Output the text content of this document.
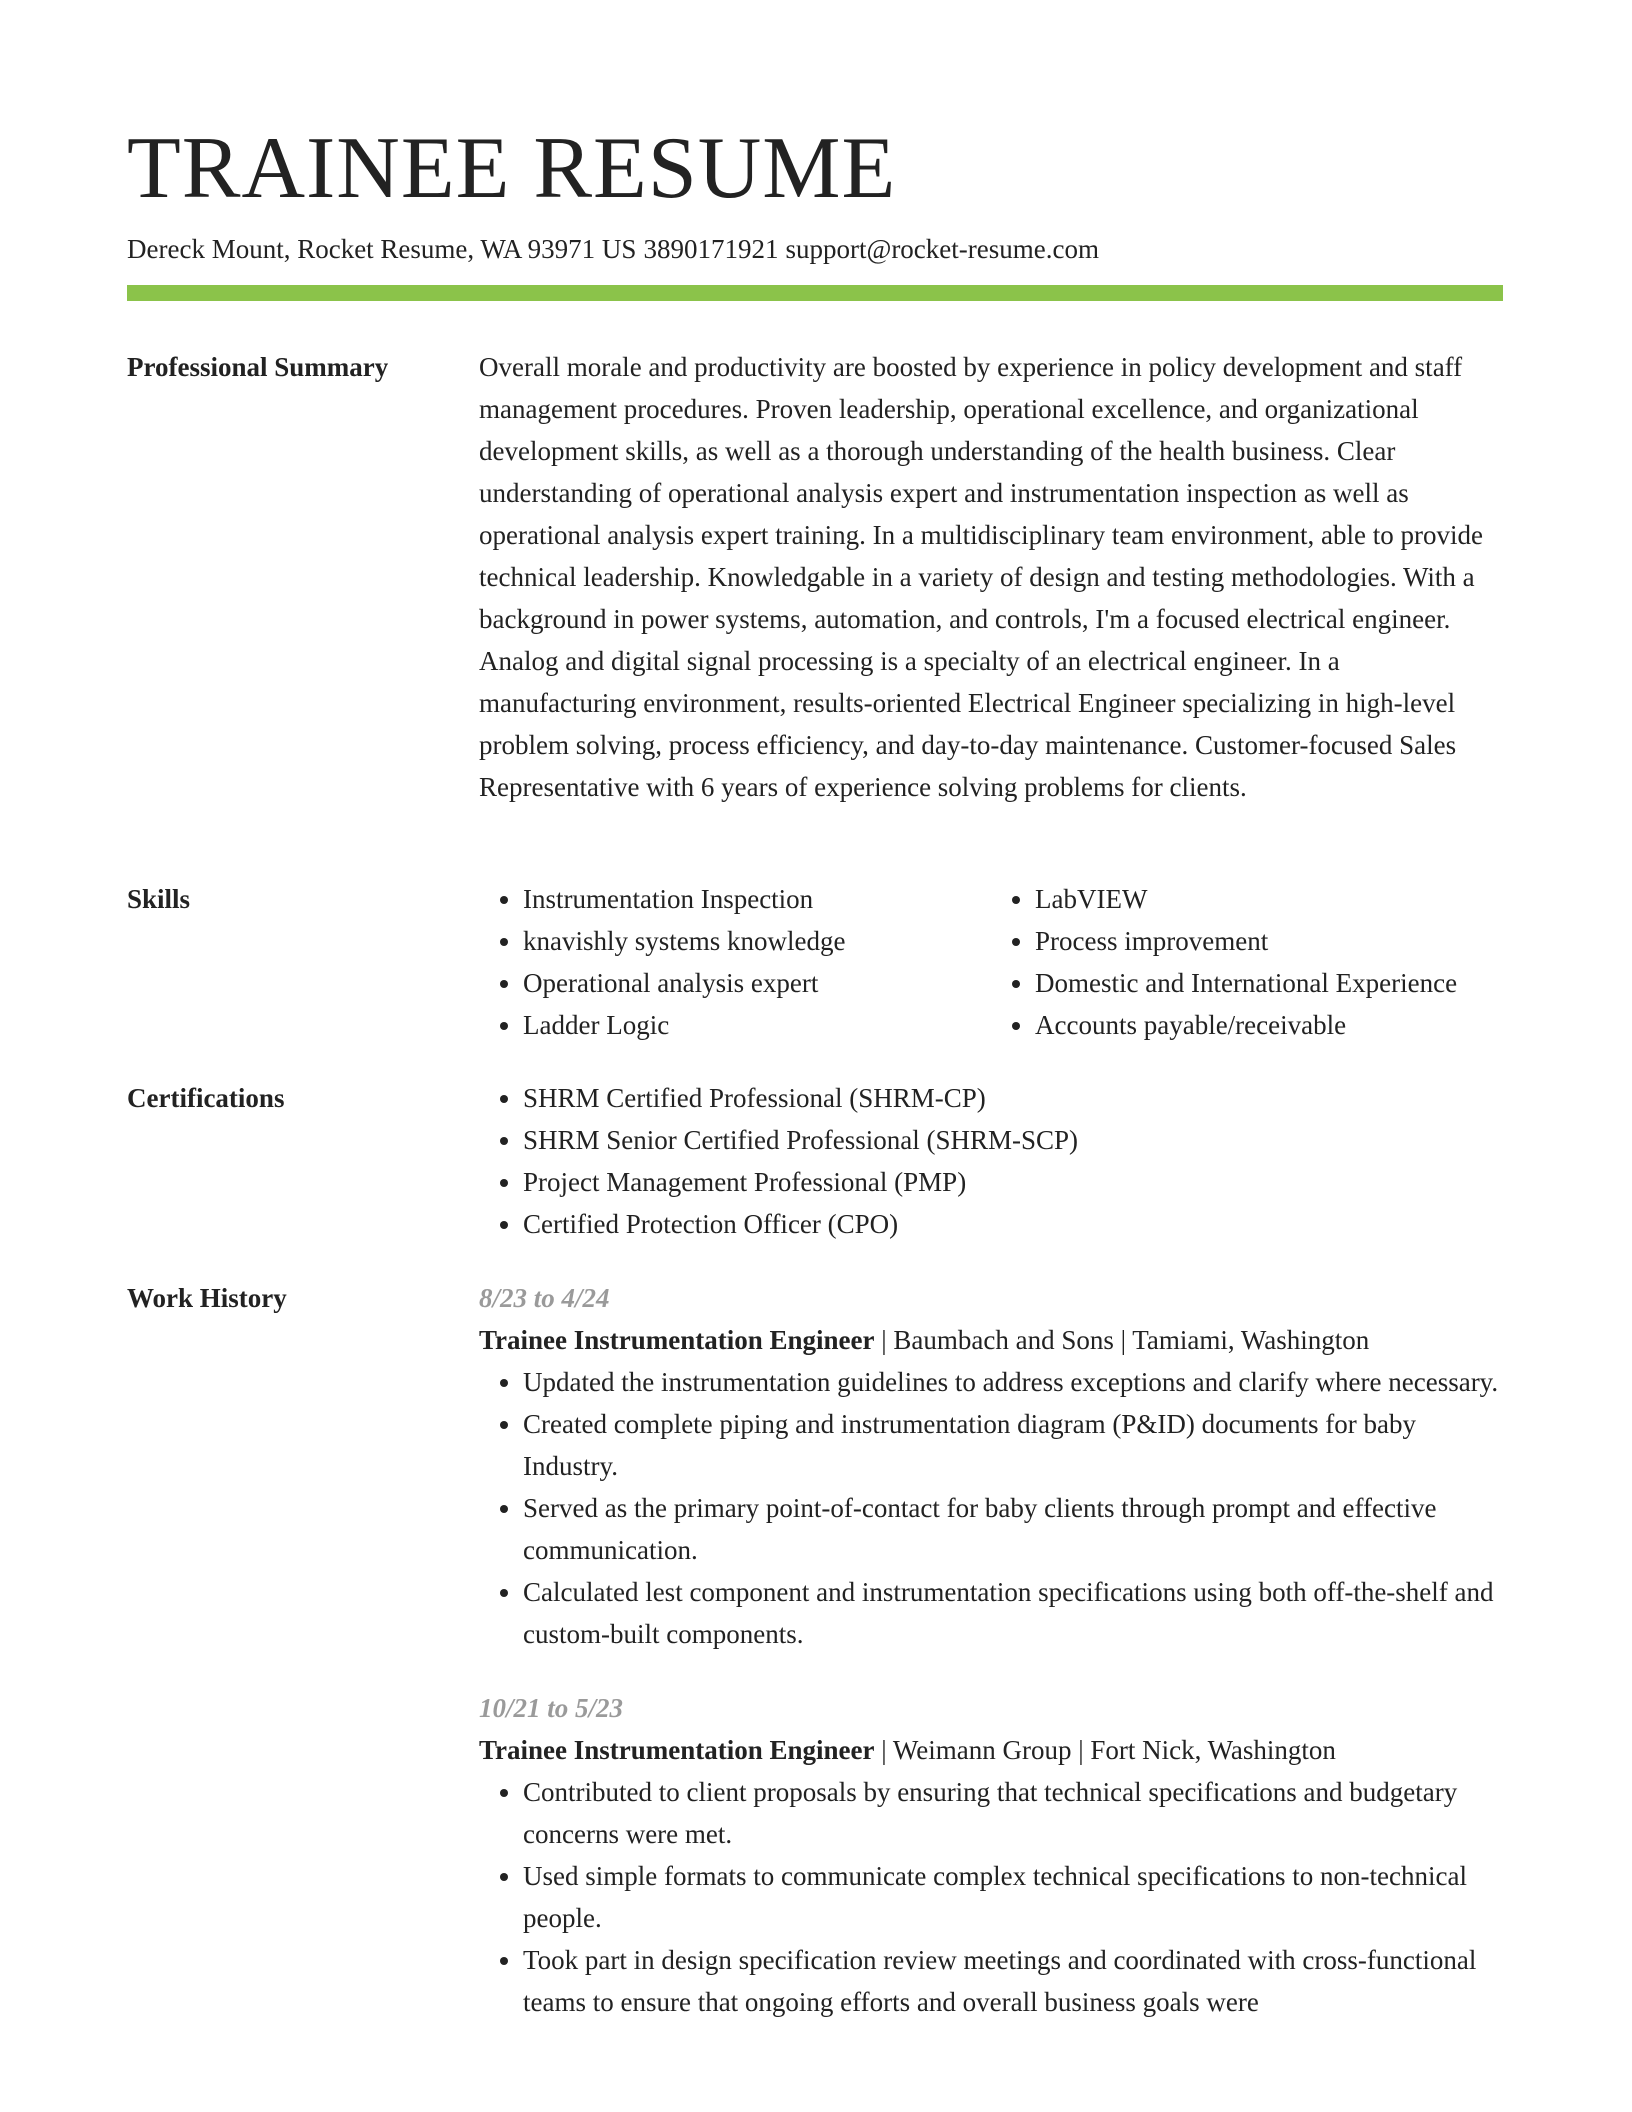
TRAINEE RESUME
Dereck Mount, Rocket Resume, WA 93971 US 3890171921 support@rocket-resume.com
Professional Summary	Overall morale and productivity are boosted by experience in policy development and staff management procedures. Proven leadership, operational excellence, and organizational development skills, as well as a thorough understanding of the health business. Clear understanding of operational analysis expert and instrumentation inspection as well as operational analysis expert training. In a multidisciplinary team environment, able to provide technical leadership. Knowledgable in a variety of design and testing methodologies. With a background in power systems, automation, and controls, I'm a focused electrical engineer. Analog and digital signal processing is a specialty of an electrical engineer. In a manufacturing environment, results-oriented Electrical Engineer specializing in high-level problem solving, process efficiency, and day-to-day maintenance. Customer-focused Sales Representative with 6 years of experience solving problems for clients.

Skills	• Instrumentation Inspection
• knavishly systems knowledge
• Operational analysis expert
• Ladder Logic
• LabVIEW
• Process improvement
• Domestic and International Experience
• Accounts payable/receivable
Certifications	• SHRM Certified Professional (SHRM-CP)
• SHRM Senior Certified Professional (SHRM-SCP)
• Project Management Professional (PMP)
• Certified Protection Officer (CPO)
Work History	8/23 to 4/24
Trainee Instrumentation Engineer | Baumbach and Sons | Tamiami, Washington
• Updated the instrumentation guidelines to address exceptions and clarify where necessary.
• Created complete piping and instrumentation diagram (P&ID) documents for baby Industry.
• Served as the primary point-of-contact for baby clients through prompt and effective communication.
• Calculated lest component and instrumentation specifications using both off-the-shelf and custom-built components.
10/21 to 5/23
Trainee Instrumentation Engineer | Weimann Group | Fort Nick, Washington
• Contributed to client proposals by ensuring that technical specifications and budgetary concerns were met.
• Used simple formats to communicate complex technical specifications to non-technical people.
• Took part in design specification review meetings and coordinated with cross-functional teams to ensure that ongoing efforts and overall business goals were
